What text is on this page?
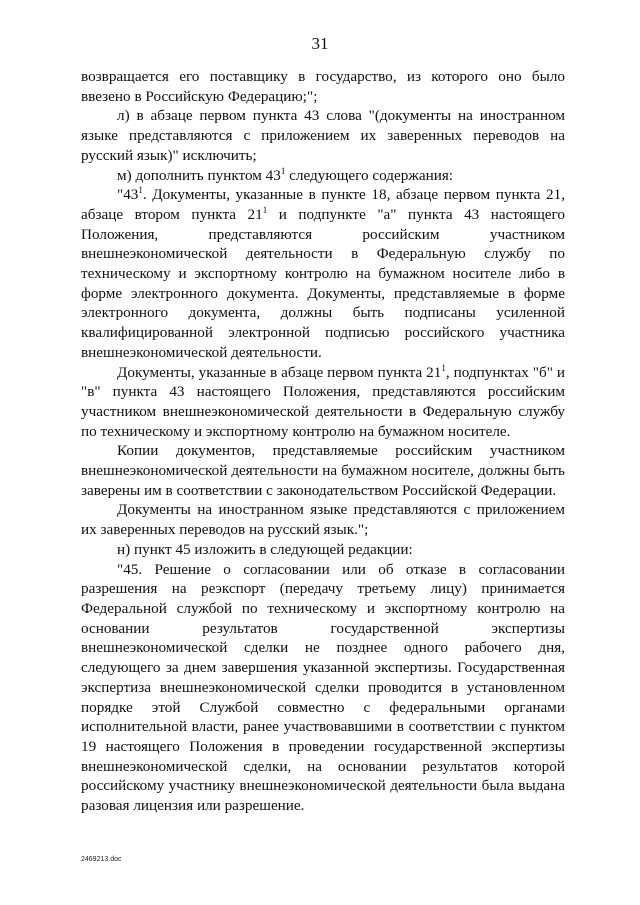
31

возвращается его поставщику в государство, из которого оно было ввезено в Российскую Федерацию;";

л) в абзаце первом пункта 43 слова "(документы на иностранном языке представляются с приложением их заверенных переводов на русский язык)" исключить;

м) дополнить пунктом $43^1$ следующего содержания:

"$43^1$. Документы, указанные в пункте 18, абзаце первом пункта 21, абзаце втором пункта $21^1$ и подпункте "а" пункта 43 настоящего Положения, представляются российским участником внешнеэкономической деятельности в Федеральную службу по техническому и экспортному контролю на бумажном носителе либо в форме электронного документа. Документы, представляемые в форме электронного документа, должны быть подписаны усиленной квалифицированной электронной подписью российского участника внешнеэкономической деятельности.

Документы, указанные в абзаце первом пункта $21^1$, подпунктах "б" и "в" пункта 43 настоящего Положения, представляются российским участником внешнеэкономической деятельности в Федеральную службу по техническому и экспортному контролю на бумажном носителе.

Копии документов, представляемые российским участником внешнеэкономической деятельности на бумажном носителе, должны быть заверены им в соответствии с законодательством Российской Федерации.

Документы на иностранном языке представляются с приложением их заверенных переводов на русский язык.";

н) пункт 45 изложить в следующей редакции:

"45. Решение о согласовании или об отказе в согласовании разрешения на реэкспорт (передачу третьему лицу) принимается Федеральной службой по техническому и экспортному контролю на основании результатов государственной экспертизы внешнеэкономической сделки не позднее одного рабочего дня, следующего за днем завершения указанной экспертизы. Государственная экспертиза внешнеэкономической сделки проводится в установленном порядке этой Службой совместно с федеральными органами исполнительной власти, ранее участвовавшими в соответствии с пунктом 19 настоящего Положения в проведении государственной экспертизы внешнеэкономической сделки, на основании результатов которой российскому участнику внешнеэкономической деятельности была выдана разовая лицензия или разрешение.

2469213.doc
